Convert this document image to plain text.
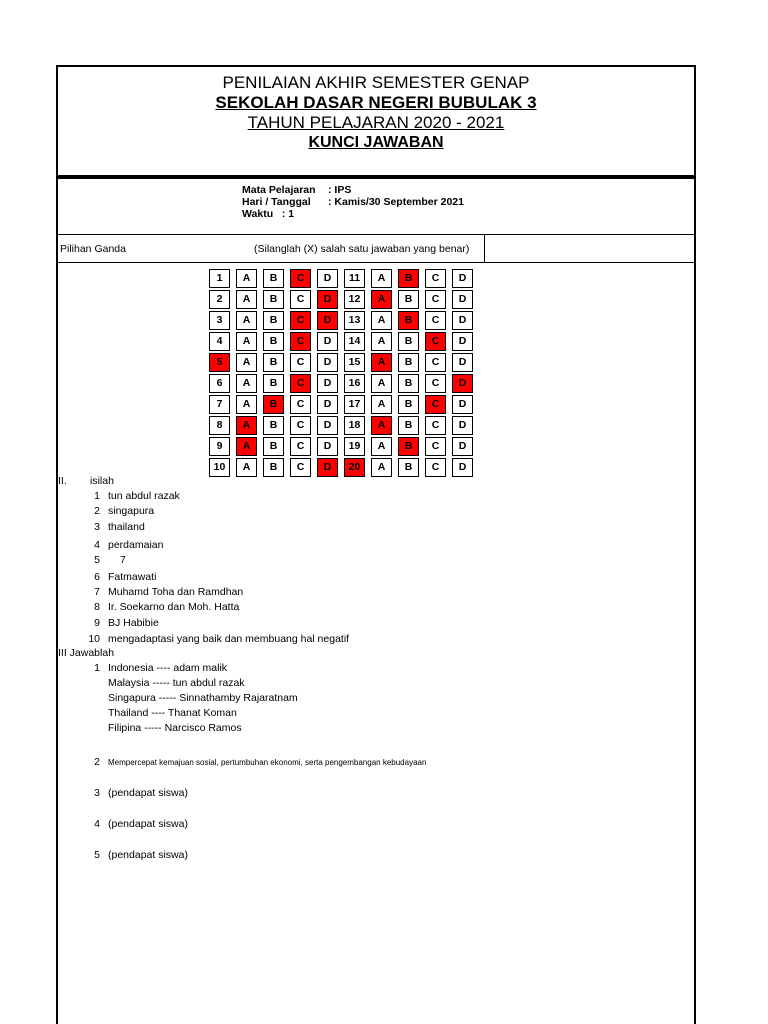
PENILAIAN AKHIR SEMESTER GENAP
SEKOLAH DASAR NEGERI BUBULAK 3
TAHUN PELAJARAN 2020 - 2021
KUNCI JAWABAN
Mata Pelajaran	: IPS
Hari / Tanggal	: Kamis/30 September 2021
Waktu
: 1
Pilihan Ganda	(Silanglah (X) salah satu jawaban yang benar)
1	A	B	C	D	11	A	B	C	D
2	A	B	C	D	12	A	B	C	D
3	A	B	C	D	13	A	B	C	D
4	A	B	C	D	14	A	B	C	D
5	A	B	C	D	15	A	B	C	D
6	A	B	C	D	16	A	B	C	D
7	A	B	C	D	17	A	B	C	D
8	A	B	C	D	18	A	B	C	D
9	A	B	C	D	19	A	B	C	D
10	A	B	C	D	20	A	B	C	D
II. isilah
1 tun abdul razak
2 singapura
3 thailand
4 perdamaian
5	7
6 Fatmawati
7 Muhamd Toha dan Ramdhan
8 Ir. Soekarno dan Moh. Hatta
9 BJ Habibie
10 mengadaptasi yang baik dan membuang hal negatif
III Jawablah
1 Indonesia ---- adam malik
Malaysia ----- tun abdul razak
Singapura ----- Sinnathamby Rajaratnam
Thailand ---- Thanat Koman
Filipina ----- Narcisco Ramos
2	Mempercepat kemajuan sosial, pertumbuhan ekonomi, serta pengembangan kebudayaan
3 (pendapat siswa)
4 (pendapat siswa)
5 (pendapat siswa)
